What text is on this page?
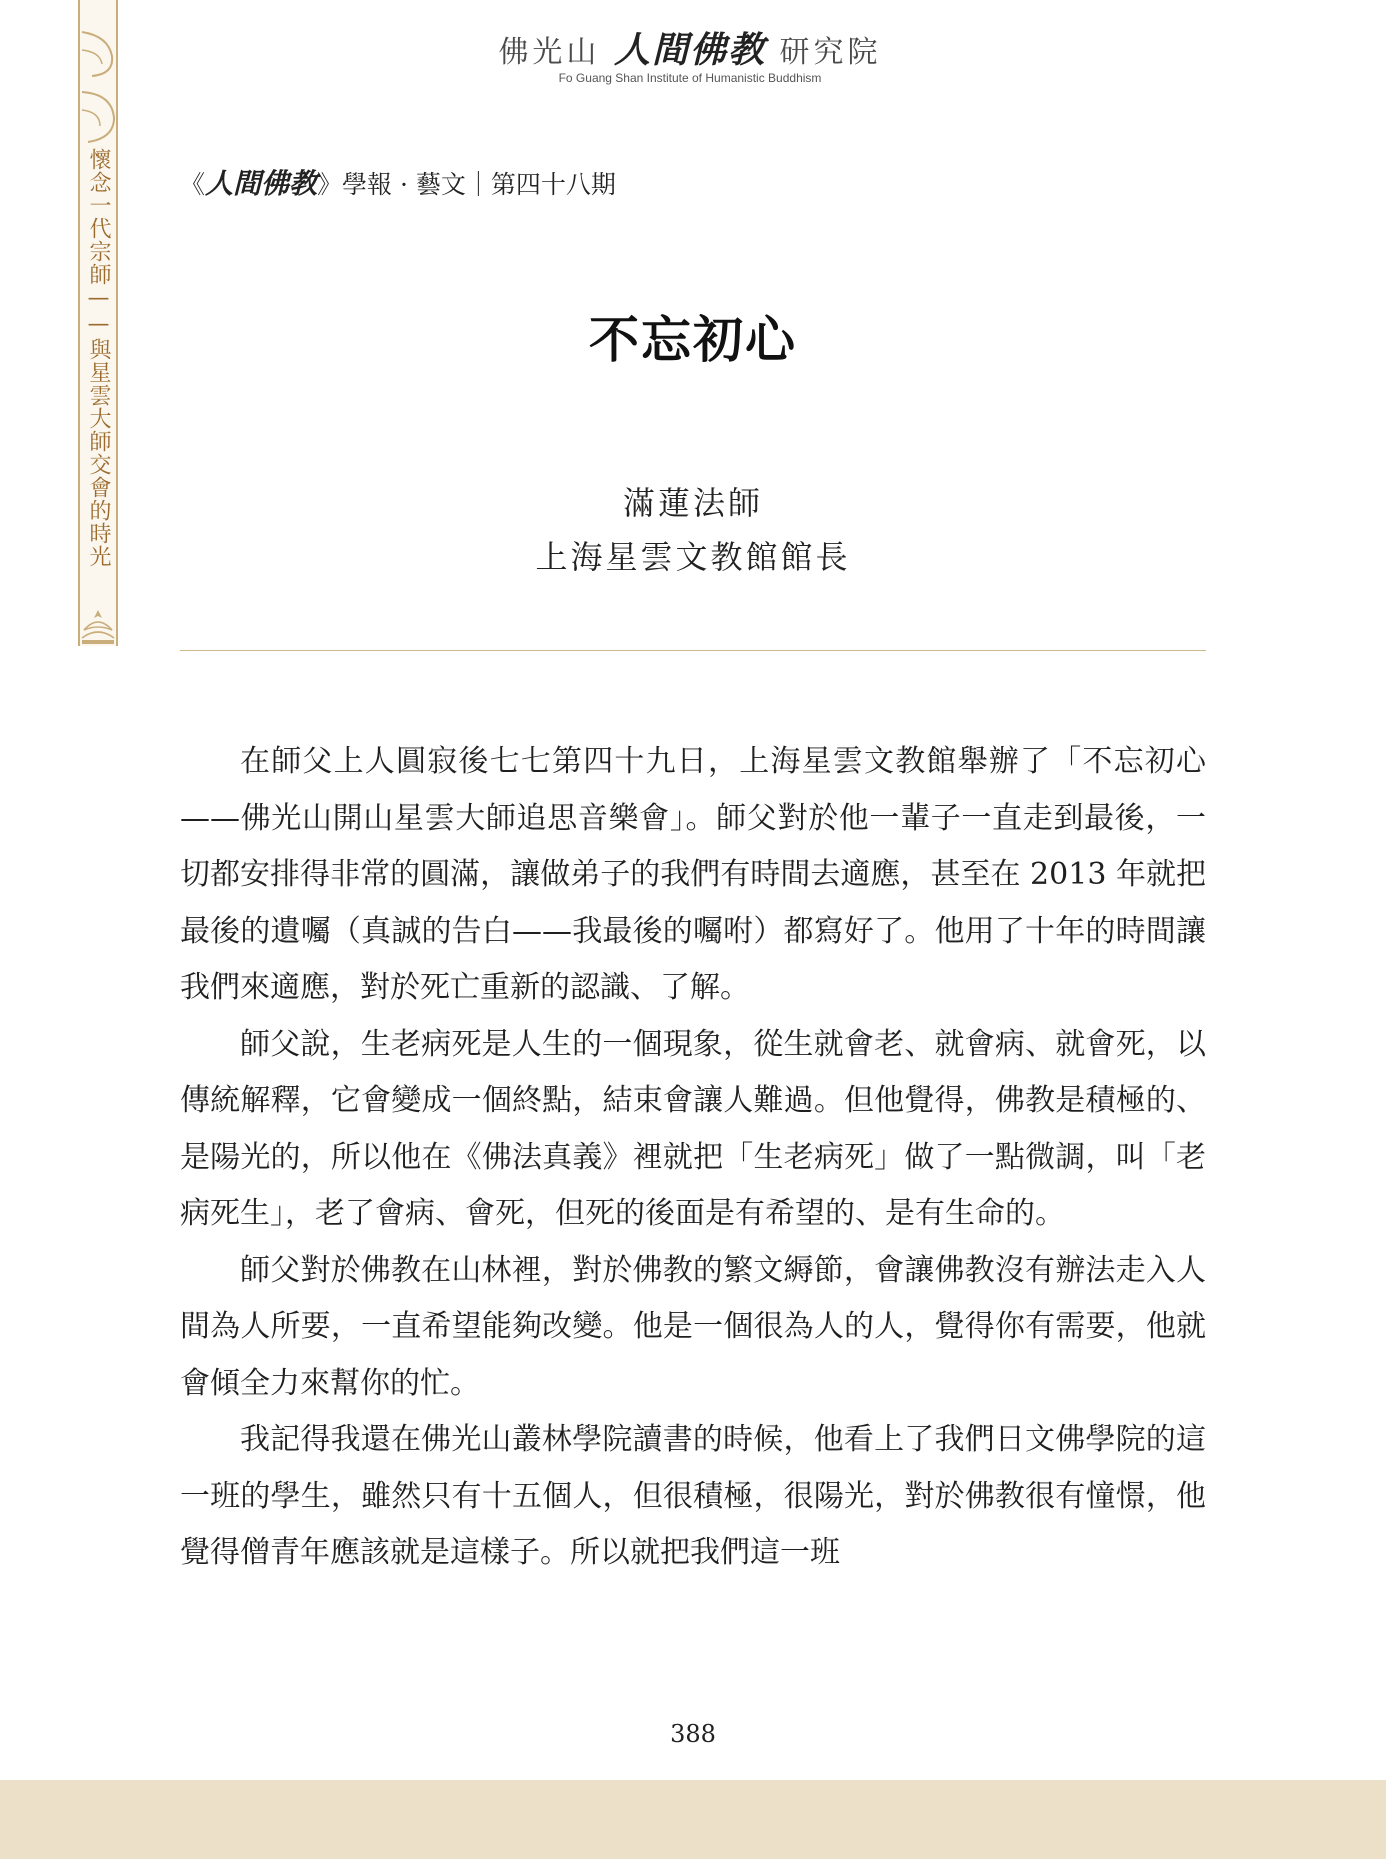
懷念一代宗師——與星雲大師交會的時光
佛光山 人間佛教 研究院
Fo Guang Shan Institute of Humanistic Buddhism
《人間佛教》學報 · 藝文｜第四十八期
不忘初心
滿蓮法師
上海星雲文教館館長

在師父上人圓寂後七七第四十九日，上海星雲文教館舉辦了「不忘初心——佛光山開山星雲大師追思音樂會」。師父對於他一輩子一直走到最後，一切都安排得非常的圓滿，讓做弟子的我們有時間去適應，甚至在 2013 年就把最後的遺囑（真誠的告白——我最後的囑咐）都寫好了。他用了十年的時間讓我們來適應，對於死亡重新的認識、了解。

師父說，生老病死是人生的一個現象，從生就會老、就會病、就會死，以傳統解釋，它會變成一個終點，結束會讓人難過。但他覺得，佛教是積極的、是陽光的，所以他在《佛法真義》裡就把「生老病死」做了一點微調，叫「老病死生」，老了會病、會死，但死的後面是有希望的、是有生命的。

師父對於佛教在山林裡，對於佛教的繁文縟節，會讓佛教沒有辦法走入人間為人所要，一直希望能夠改變。他是一個很為人的人，覺得你有需要，他就會傾全力來幫你的忙。

我記得我還在佛光山叢林學院讀書的時候，他看上了我們日文佛學院的這一班的學生，雖然只有十五個人，但很積極，很陽光，對於佛教很有憧憬，他覺得僧青年應該就是這樣子。所以就把我們這一班

388
